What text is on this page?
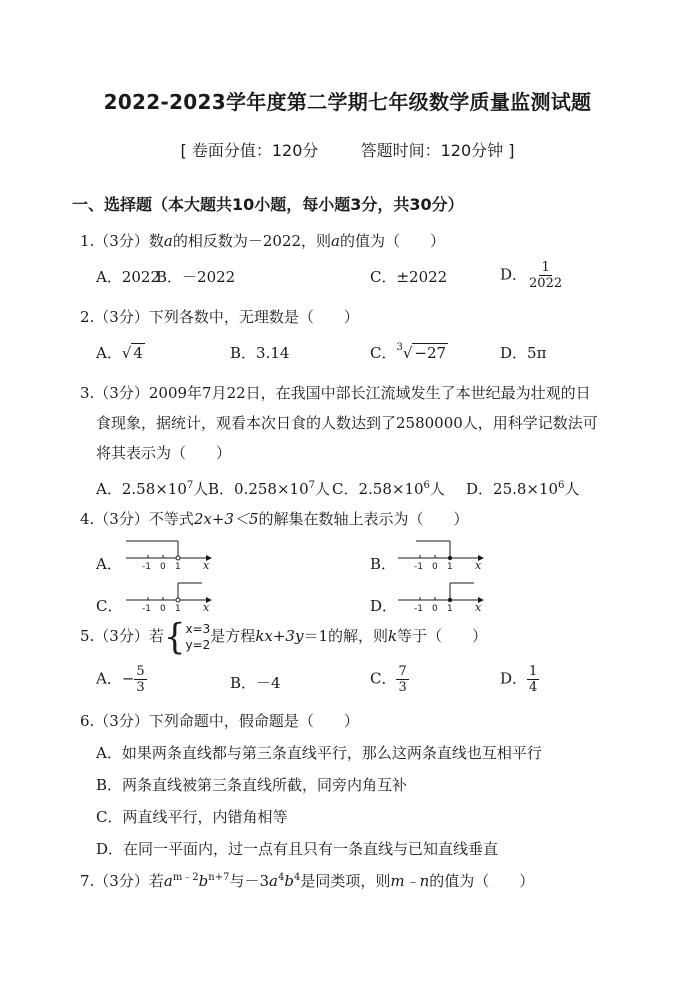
2022-2023学年度第二学期七年级数学质量监测试题
[ 卷面分值：120分	答题时间：120分钟 ]
一、选择题（本大题共10小题，每小题3分，共30分）
1.（3分）数a的相反数为－2022，则a的值为（　　）
A．2022
B．－2022	C．±2022	D． $\frac{1}{2022}$
2.（3分）下列各数中，无理数是（　　）
A．√ 4	B．3.14	C．$^3$√ −27	D．5π
3.（3分）2009年7月22日，在我国中部长江流域发生了本世纪最为壮观的日
食现象，据统计，观看本次日食的人数达到了2580000人，用科学记数法可
将其表示为（　　）
A．$2.58\times 10^7$人 B．$0.258\times 10^7$人 C．$2.58\times 10^6$人 D．$25.8\times 10^6$人
4.（3分）不等式2x+3＜5的解集在数轴上表示为（　　）
A． -1 0 1 x	B． -1 0 1 x
C． -1 0 1 x	D． -1 0 1 x
5.（3分）若 { x=3
y=2 是方程kx+3y＝1的解，则k等于（　　）
A．− $\frac{5}{3}$	B．－4	C． $\frac{7}{3}$	D． $\frac{1}{4}$
6.（3分）下列命题中，假命题是（　　）
A．如果两条直线都与第三条直线平行，那么这两条直线也互相平行
B．两条直线被第三条直线所截，同旁内角互补
C．两直线平行，内错角相等
D．在同一平面内，过一点有且只有一条直线与已知直线垂直
7.（3分）若$a^{m﹣2}b^{n+7}$与$-3a^4b^4$是同类项，则m﹣n的值为（　　）
